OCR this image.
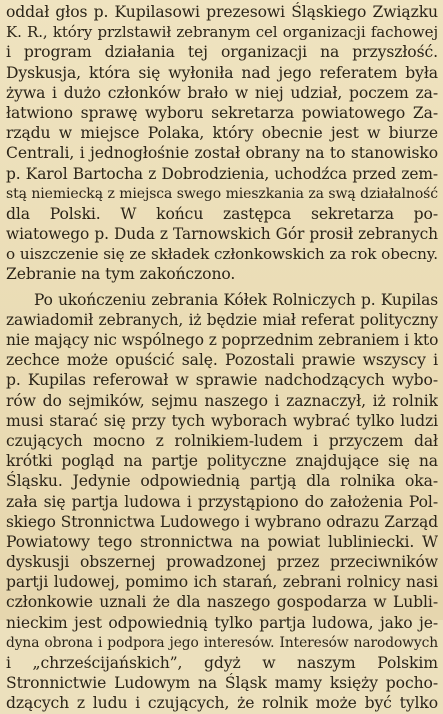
oddał głos p. Kupilasowi prezesowi Śląskiego Związku
K. R., który przlstawił zebranym cel organizacji fachowej
i program działania tej organizacji na przyszłość.
Dyskusja, która się wyłoniła nad jego referatem była
żywa i dużo członków brało w niej udział, poczem za-
łatwiono sprawę wyboru sekretarza powiatowego Za-
rządu w miejsce Polaka, który obecnie jest w biurze
Centrali, i jednogłośnie został obrany na to stanowisko
p. Karol Bartocha z Dobrodzienia, uchodźca przed zem-
stą niemiecką z miejsca swego mieszkania za swą działalność
dla Polski. W końcu zastępca sekretarza po-
wiatowego p. Duda z Tarnowskich Gór prosił zebranych
o uiszczenie się ze składek członkowskich za rok obecny.
Zebranie na tym zakończono.
Po ukończeniu zebrania Kółek Rolniczych p. Kupilas
zawiadomił zebranych, iż będzie miał referat polityczny
nie mający nic wspólnego z poprzednim zebraniem i kto
zechce może opuścić salę. Pozostali prawie wszyscy i
p. Kupilas referował w sprawie nadchodzących wybo-
rów do sejmików, sejmu naszego i zaznaczył, iż rolnik
musi starać się przy tych wyborach wybrać tylko ludzi
czujących mocno z rolnikiem-ludem i przyczem dał
krótki pogląd na partje polityczne znajdujące się na
Śląsku. Jedynie odpowiednią partją dla rolnika oka-
zała się partja ludowa i przystąpiono do założenia Pol-
skiego Stronnictwa Ludowego i wybrano odrazu Zarząd
Powiatowy tego stronnictwa na powiat lubliniecki. W
dyskusji obszernej prowadzonej przez przeciwników
partji ludowej, pomimo ich starań, zebrani rolnicy nasi
członkowie uznali że dla naszego gospodarza w Lubli-
nieckim jest odpowiednią tylko partja ludowa, jako je-
dyna obrona i podpora jego interesów. Interesów narodowych
i „chrześcijańskich”, gdyż w naszym Polskim
Stronnictwie Ludowym na Śląsk mamy księży pocho-
dzących z ludu i czujących, że rolnik może być tylko
